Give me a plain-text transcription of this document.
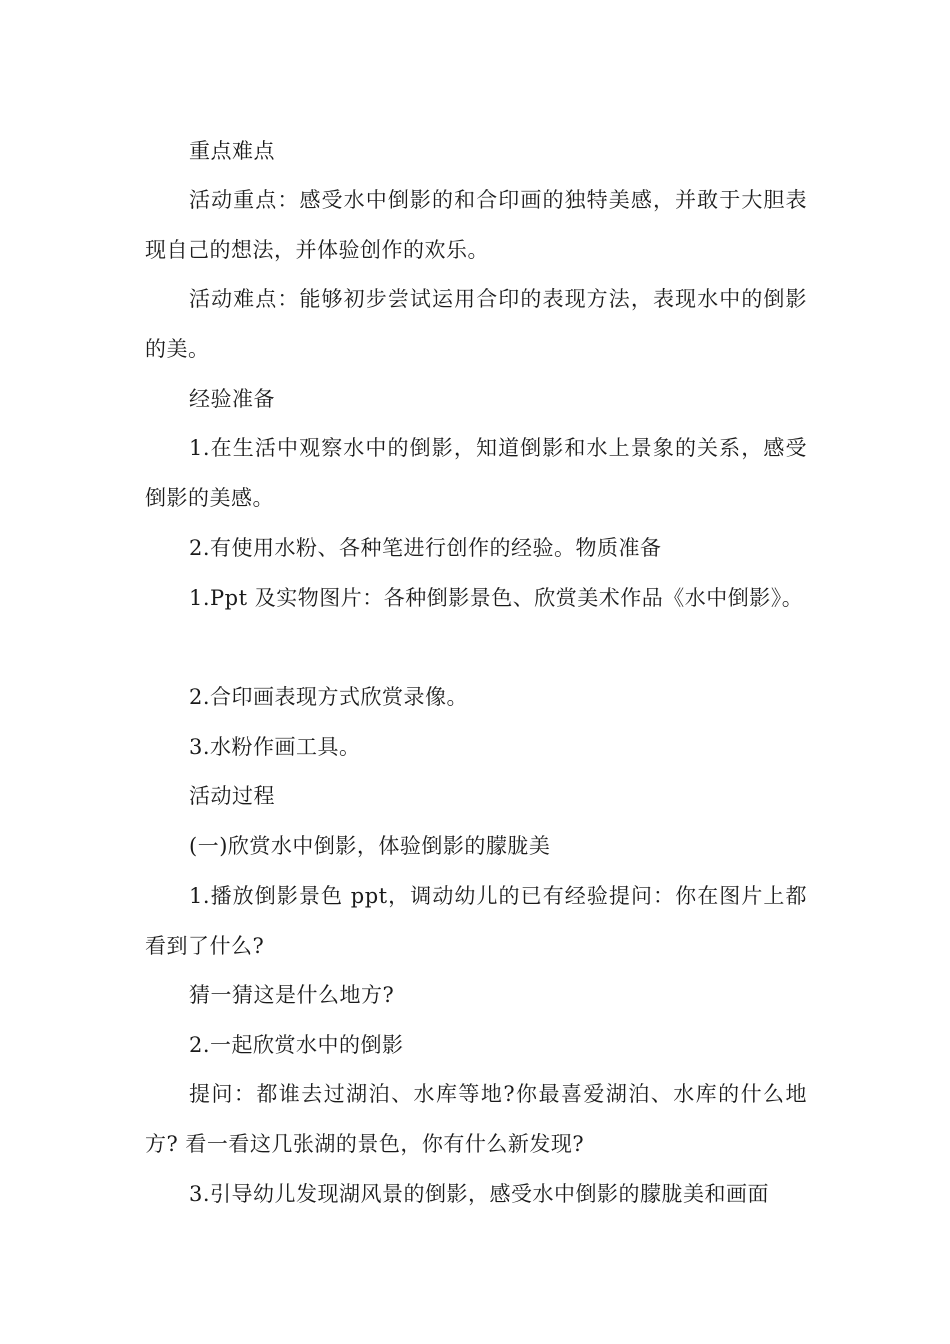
重点难点

活动重点：感受水中倒影的和合印画的独特美感，并敢于大胆表现自己的想法，并体验创作的欢乐。

活动难点：能够初步尝试运用合印的表现方法，表现水中的倒影的美。

经验准备

1.在生活中观察水中的倒影，知道倒影和水上景象的关系，感受倒影的美感。

2.有使用水粉、各种笔进行创作的经验。物质准备

1.Ppt 及实物图片：各种倒影景色、欣赏美术作品《水中倒影》。

2.合印画表现方式欣赏录像。

3.水粉作画工具。

活动过程

(一)欣赏水中倒影，体验倒影的朦胧美

1.播放倒影景色 ppt，调动幼儿的已有经验提问：你在图片上都看到了什么?

猜一猜这是什么地方?

2.一起欣赏水中的倒影

提问：都谁去过湖泊、水库等地?你最喜爱湖泊、水库的什么地方? 看一看这几张湖的景色，你有什么新发现?

3.引导幼儿发现湖风景的倒影，感受水中倒影的朦胧美和画面
